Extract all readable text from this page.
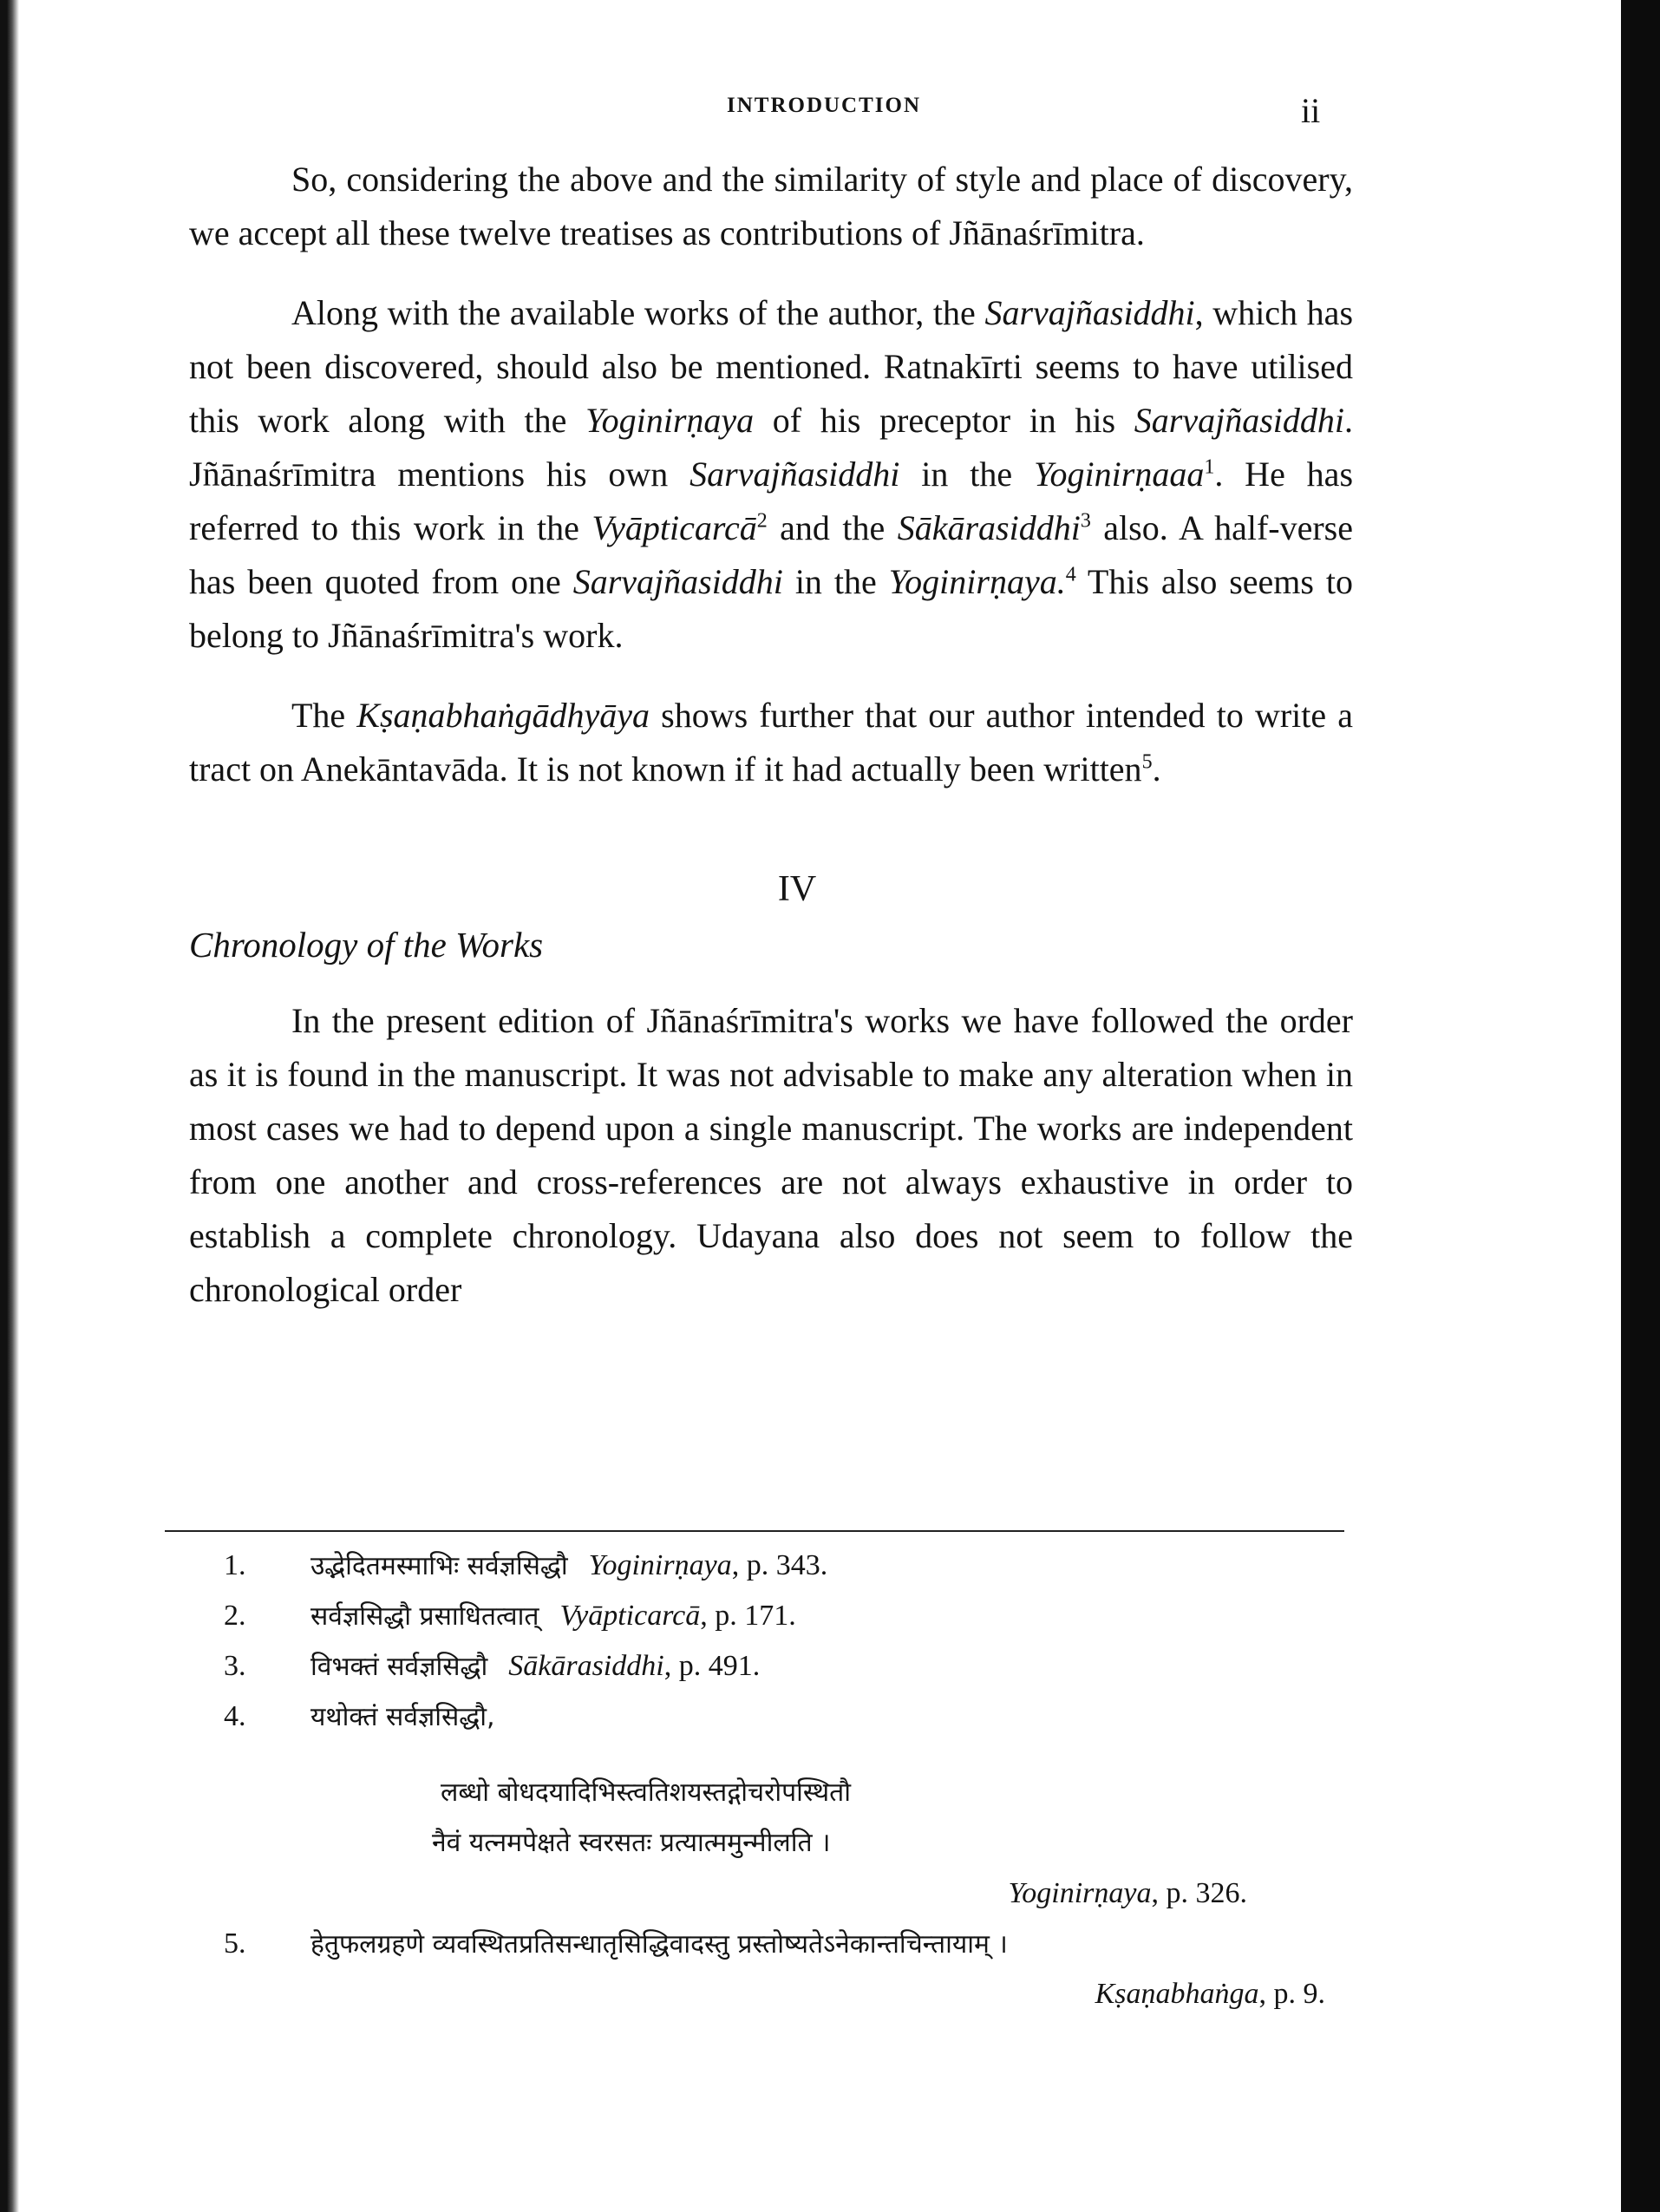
INTRODUCTION	ii

So, considering the above and the similarity of style and place of discovery, we accept all these twelve treatises as contributions of Jñānaśrīmitra.

Along with the available works of the author, the Sarvajñasiddhi, which has not been discovered, should also be mentioned. Ratnakīrti seems to have utilised this work along with the Yoginirṇaya of his preceptor in his Sarvajñasiddhi. Jñānaśrīmitra mentions his own Sarvajñasiddhi in the Yoginirṇaaa$^1$. He has referred to this work in the Vyāpticarcā$^2$ and the Sākārasiddhi$^3$ also. A half-verse has been quoted from one Sarvajñasiddhi in the Yoginirṇaya.$^4$ This also seems to belong to Jñānaśrīmitra's work.

The Kṣaṇabhaṅgādhyāya shows further that our author intended to write a tract on Anekāntavāda. It is not known if it had actually been written$^5$.

IV
Chronology of the Works

In the present edition of Jñānaśrīmitra's works we have followed the order as it is found in the manuscript. It was not advisable to make any alteration when in most cases we had to depend upon a single manuscript. The works are independent from one another and cross-references are not always exhaustive in order to establish a complete chronology. Udayana also does not seem to follow the chronological order

1. उद्भेदितमस्माभिः सर्वज्ञसिद्धौ Yoginirṇaya, p. 343.
2. सर्वज्ञसिद्धौ प्रसाधितत्वात् Vyāpticarcā, p. 171.
3. विभक्तं सर्वज्ञसिद्धौ Sākārasiddhi, p. 491.
4. यथोक्तं सर्वज्ञसिद्धौ,
लब्धो बोधदयादिभिस्त्वतिशयस्तद्गोचरोपस्थितौ
नैवं यत्नमपेक्षते स्वरसतः प्रत्यात्ममुन्मीलति ।
Yoginirṇaya, p. 326.
5. हेतुफलग्रहणे व्यवस्थितप्रतिसन्धातृसिद्धिवादस्तु प्रस्तोष्यतेऽनेकान्तचिन्तायाम् ।
Kṣaṇabhaṅga, p. 9.
